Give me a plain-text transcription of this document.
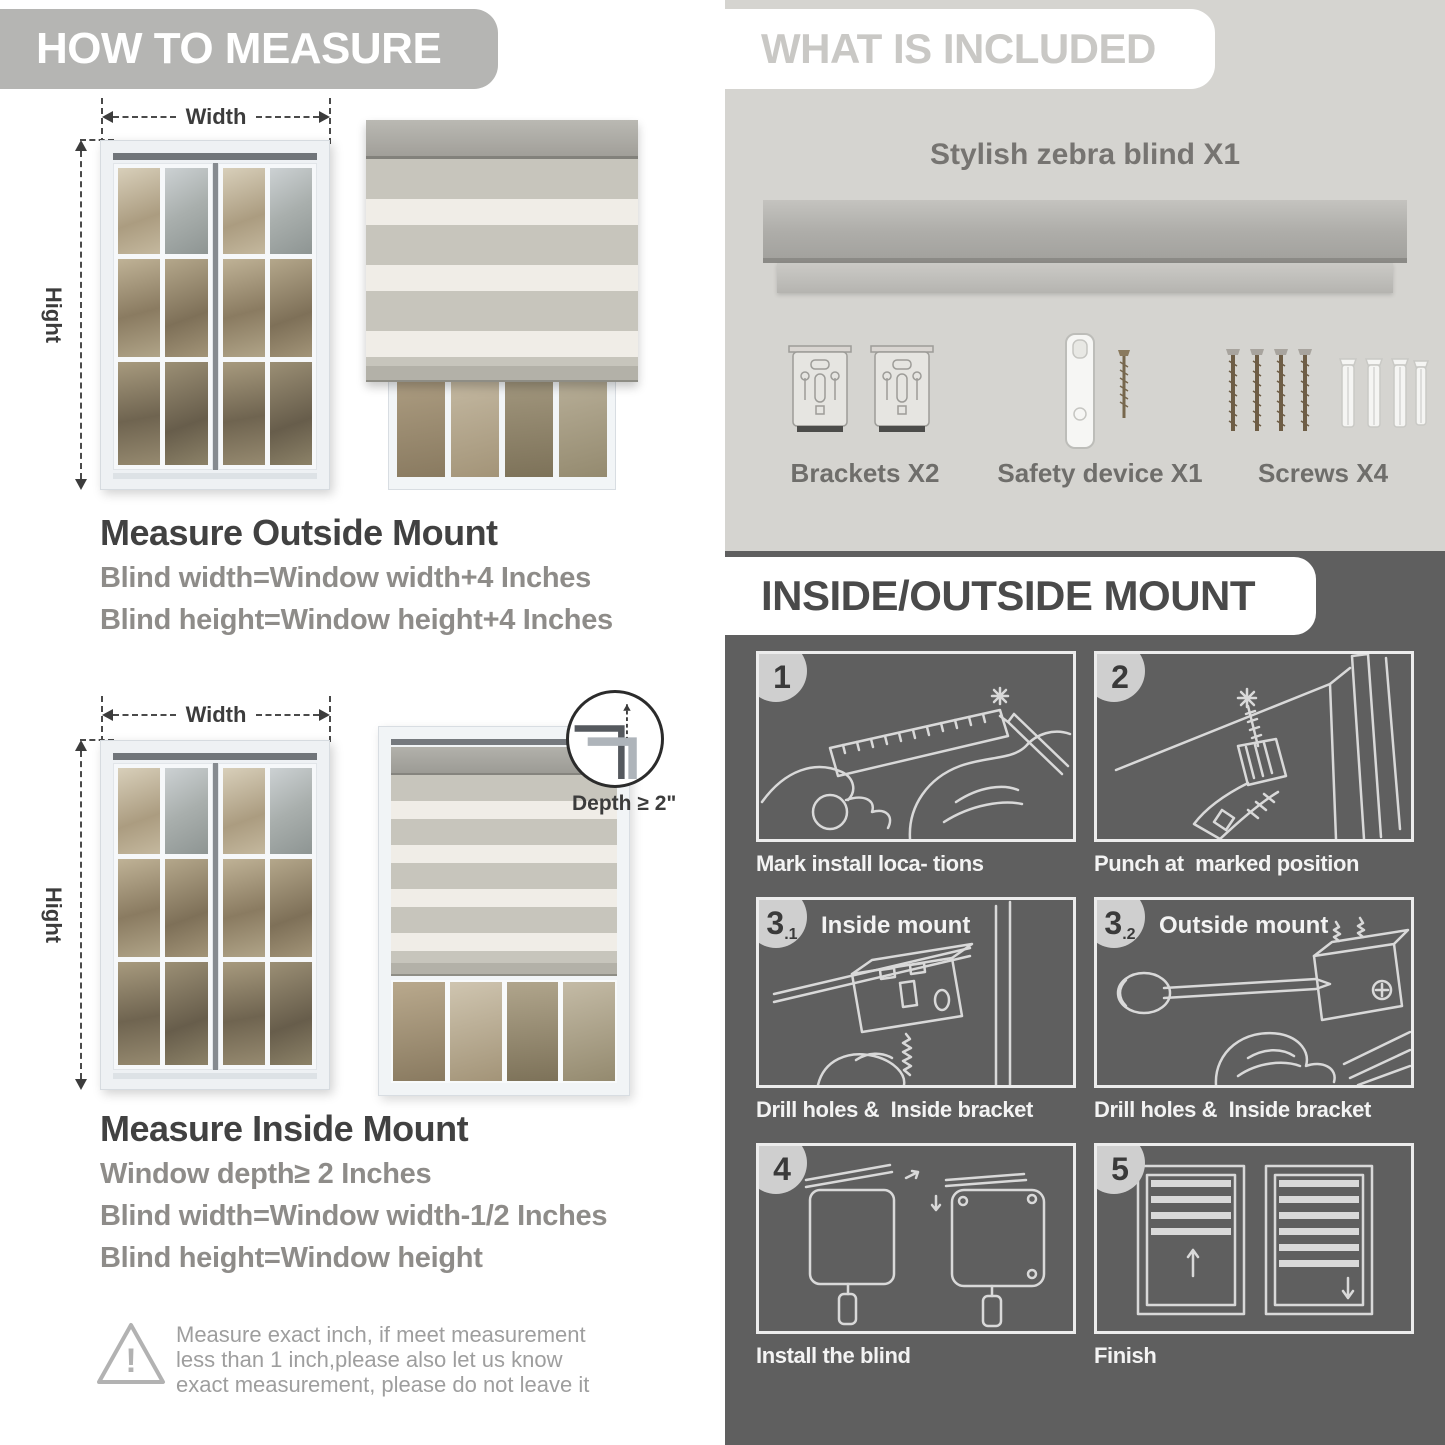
HOW TO MEASURE
Width
Hight
Measure Outside Mount
Blind width=Window width+4 Inches
Blind height=Window height+4 Inches
Width
Hight
Depth ≥ 2"
Measure Inside Mount
Window depth≥ 2 Inches
Blind width=Window width-1/2 Inches
Blind height=Window height
!
Measure exact inch, if meet measurement less than 1 inch,please also let us know exact measurement, please do not leave it
WHAT IS INCLUDED
Stylish zebra blind X1
Brackets X2	Safety device X1	Screws X4
INSIDE/OUTSIDE MOUNT
1
Mark install loca- tions
2
Punch at  marked position
3 .1 Inside mount
Drill holes &  Inside bracket
3 .2 Outside mount
Drill holes &  Inside bracket
4
Install the blind
5
Finish
